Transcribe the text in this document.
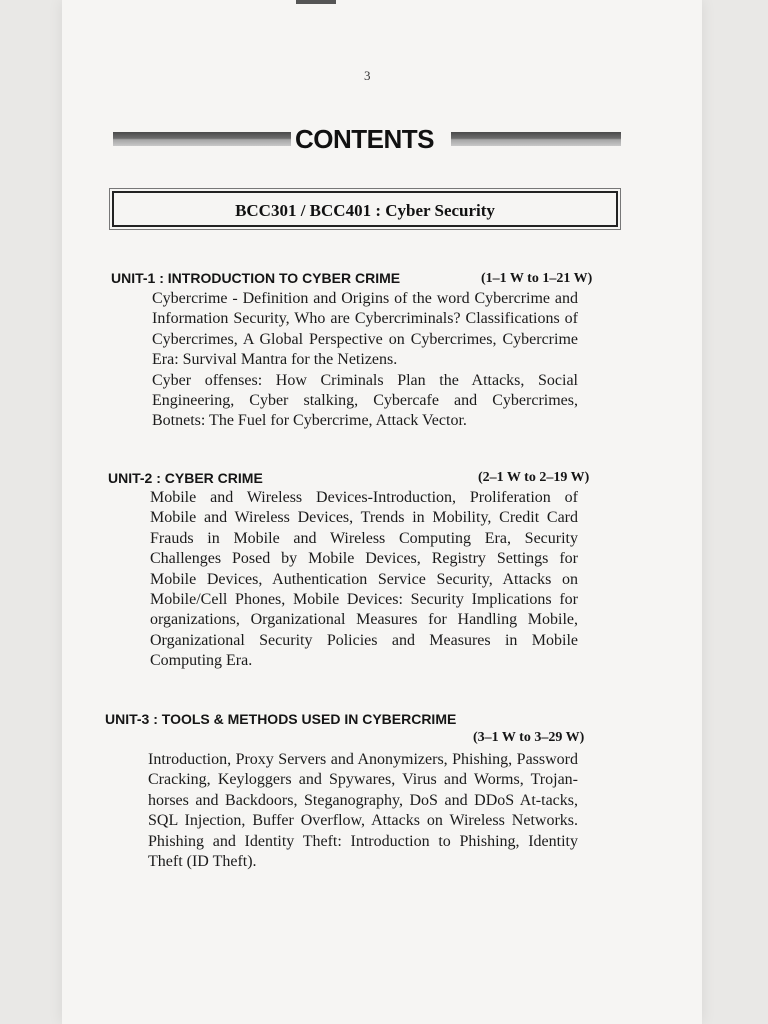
3
CONTENTS
BCC301 / BCC401 : Cyber Security
UNIT-1 : INTRODUCTION TO CYBER CRIME	(1–1 W to 1–21 W)

Cybercrime - Definition and Origins of the word Cybercrime and Information Security, Who are Cybercriminals? Classifications of Cybercrimes, A Global Perspective on Cybercrimes, Cybercrime Era: Survival Mantra for the Netizens.

Cyber offenses: How Criminals Plan the Attacks, Social Engineering, Cyber stalking, Cybercafe and Cybercrimes, Botnets: The Fuel for Cybercrime, Attack Vector.

UNIT-2 : CYBER CRIME	(2–1 W to 2–19 W)

Mobile and Wireless Devices-Introduction, Proliferation of Mobile and Wireless Devices, Trends in Mobility, Credit Card Frauds in Mobile and Wireless Computing Era, Security Challenges Posed by Mobile Devices, Registry Settings for Mobile Devices, Authentication Service Security, Attacks on Mobile/Cell Phones, Mobile Devices: Security Implications for organizations, Organizational Measures for Handling Mobile, Organizational Security Policies and Measures in Mobile Computing Era.

UNIT-3 : TOOLS & METHODS USED IN CYBERCRIME
(3–1 W to 3–29 W)

Introduction, Proxy Servers and Anonymizers, Phishing, Password Cracking, Keyloggers and Spywares, Virus and Worms, Trojan-horses and Backdoors, Steganography, DoS and DDoS At-tacks, SQL Injection, Buffer Overflow, Attacks on Wireless Networks. Phishing and Identity Theft: Introduction to Phishing, Identity Theft (ID Theft).
